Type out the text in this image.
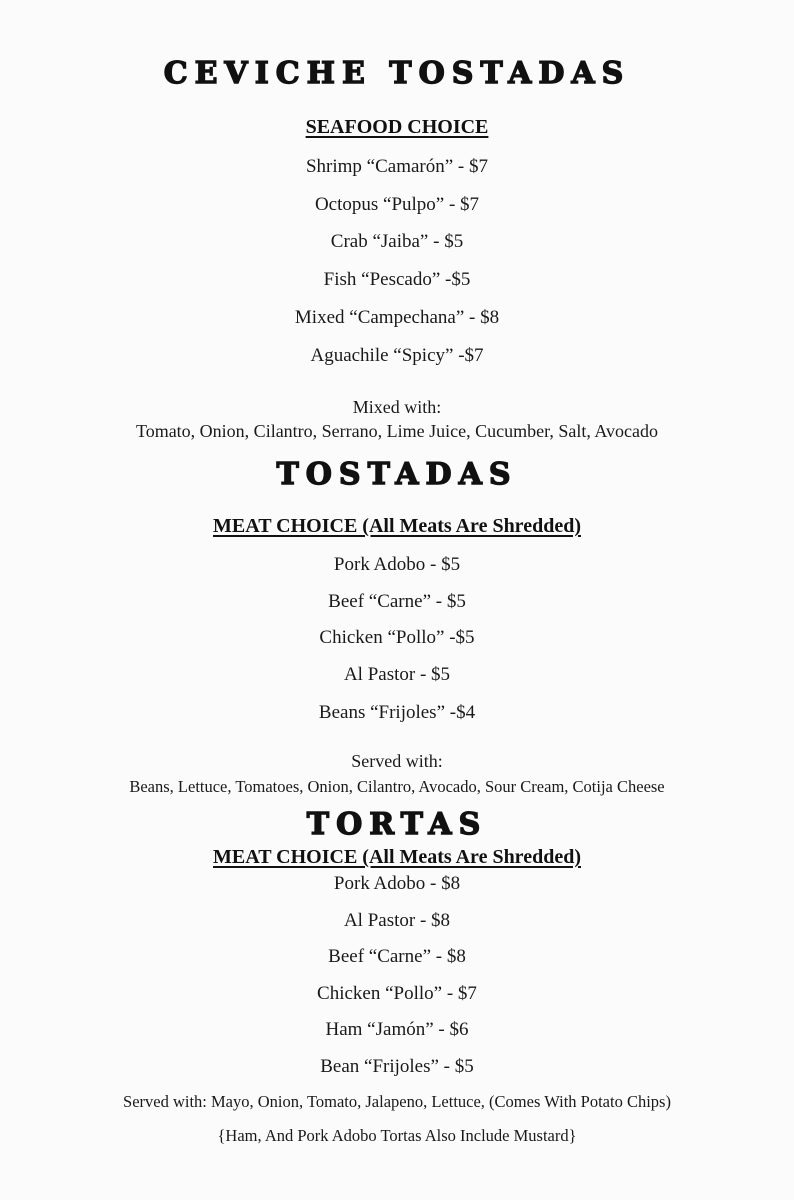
CEVICHE TOSTADAS
SEAFOOD CHOICE
Shrimp “Camarón” - $7
Octopus “Pulpo” - $7
Crab “Jaiba” - $5
Fish “Pescado” -$5
Mixed “Campechana” - $8
Aguachile “Spicy” -$7
Mixed with:
Tomato, Onion, Cilantro, Serrano, Lime Juice, Cucumber, Salt, Avocado
TOSTADAS
MEAT CHOICE (All Meats Are Shredded)
Pork Adobo - $5
Beef “Carne” - $5
Chicken “Pollo” -$5
Al Pastor - $5
Beans “Frijoles” -$4
Served with:
Beans, Lettuce, Tomatoes, Onion, Cilantro, Avocado, Sour Cream, Cotija Cheese
TORTAS
MEAT CHOICE (All Meats Are Shredded)
Pork Adobo - $8
Al Pastor - $8
Beef “Carne” - $8
Chicken “Pollo” - $7
Ham “Jamón” - $6
Bean “Frijoles” - $5
Served with: Mayo, Onion, Tomato, Jalapeno, Lettuce, (Comes With Potato Chips)
{Ham, And Pork Adobo Tortas Also Include Mustard}
